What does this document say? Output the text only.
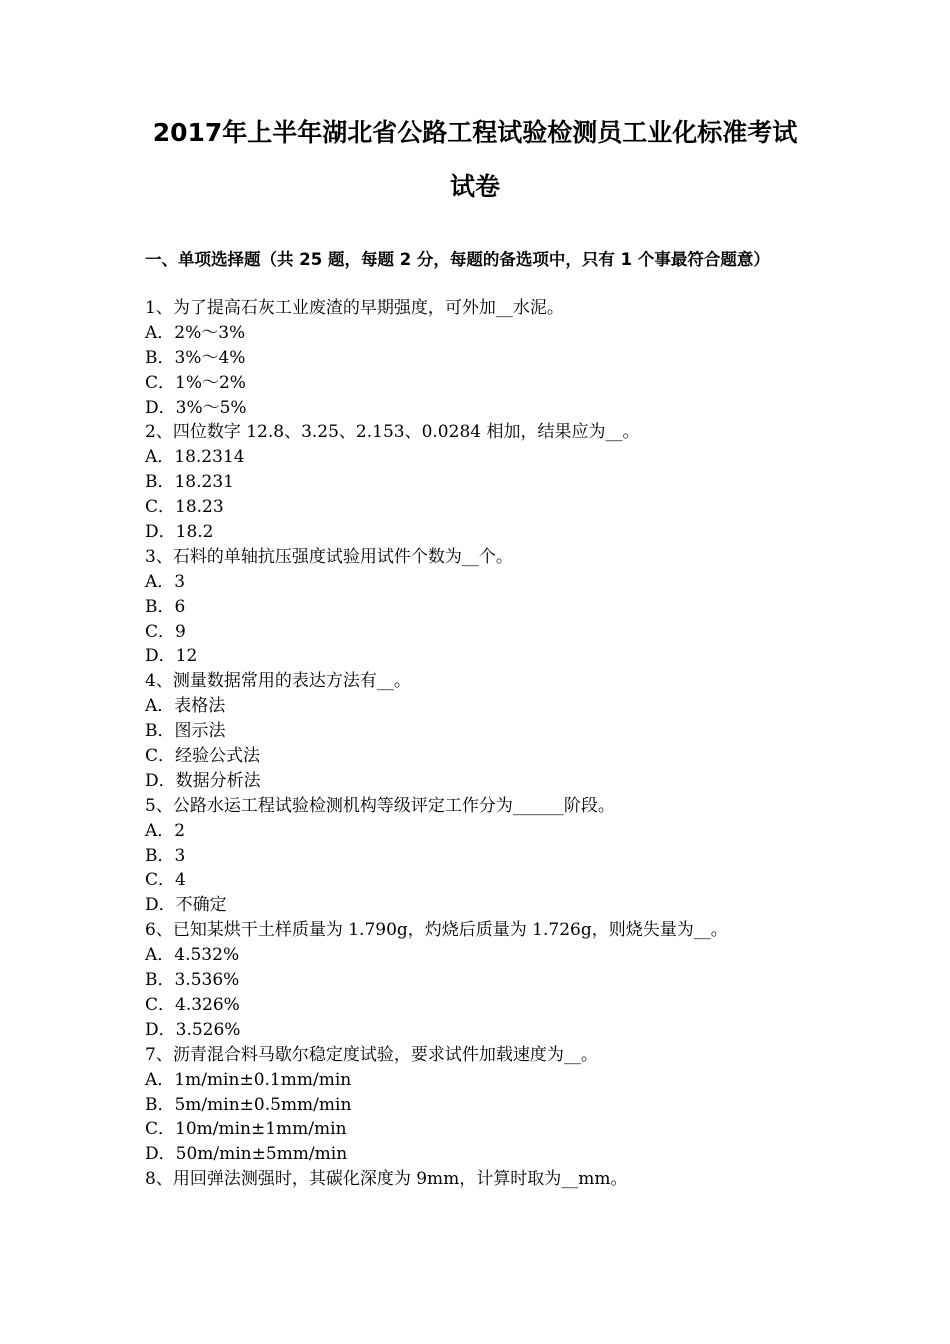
2017年上半年湖北省公路工程试验检测员工业化标准考试
试卷
一、单项选择题（共 25 题，每题 2 分，每题的备选项中，只有 1 个事最符合题意）
1、为了提高石灰工业废渣的早期强度，可外加__水泥。
A．2%～3%
B．3%～4%
C．1%～2%
D．3%～5%
2、四位数字 12.8、3.25、2.153、0.0284 相加，结果应为__。
A．18.2314
B．18.231
C．18.23
D．18.2
3、石料的单轴抗压强度试验用试件个数为__个。
A．3
B．6
C．9
D．12
4、测量数据常用的表达方法有__。
A．表格法
B．图示法
C．经验公式法
D．数据分析法
5、公路水运工程试验检测机构等级评定工作分为______阶段。
A．2
B．3
C．4
D．不确定
6、已知某烘干土样质量为 1.790g，灼烧后质量为 1.726g，则烧失量为__。
A．4.532%
B．3.536%
C．4.326%
D．3.526%
7、沥青混合料马歇尔稳定度试验，要求试件加载速度为__。
A．1m/min±0.1mm/min
B．5m/min±0.5mm/min
C．10m/min±1mm/min
D．50m/min±5mm/min
8、用回弹法测强时，其碳化深度为 9mm，计算时取为__mm。
